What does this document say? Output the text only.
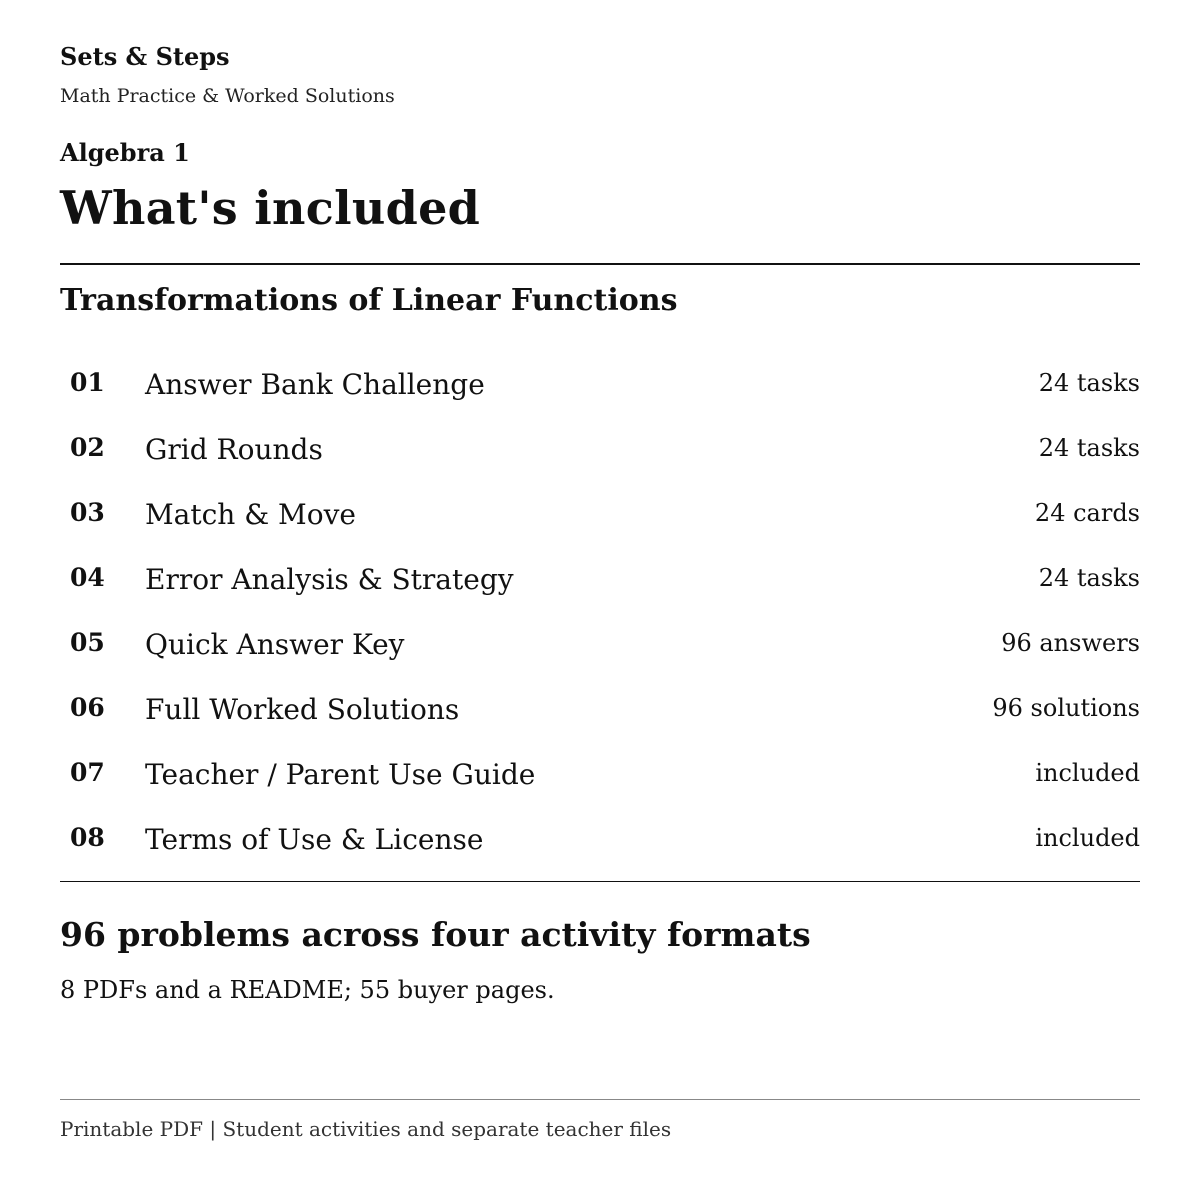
Sets & Steps
Math Practice & Worked Solutions
Algebra 1
What's included
Transformations of Linear Functions
01 Answer Bank Challenge	24 tasks
02 Grid Rounds	24 tasks
03 Match & Move	24 cards
04 Error Analysis & Strategy	24 tasks
05 Quick Answer Key	96 answers
06 Full Worked Solutions	96 solutions
07 Teacher / Parent Use Guide	included
08 Terms of Use & License	included
96 problems across four activity formats

8 PDFs and a README; 55 buyer pages.

Printable PDF | Student activities and separate teacher files
